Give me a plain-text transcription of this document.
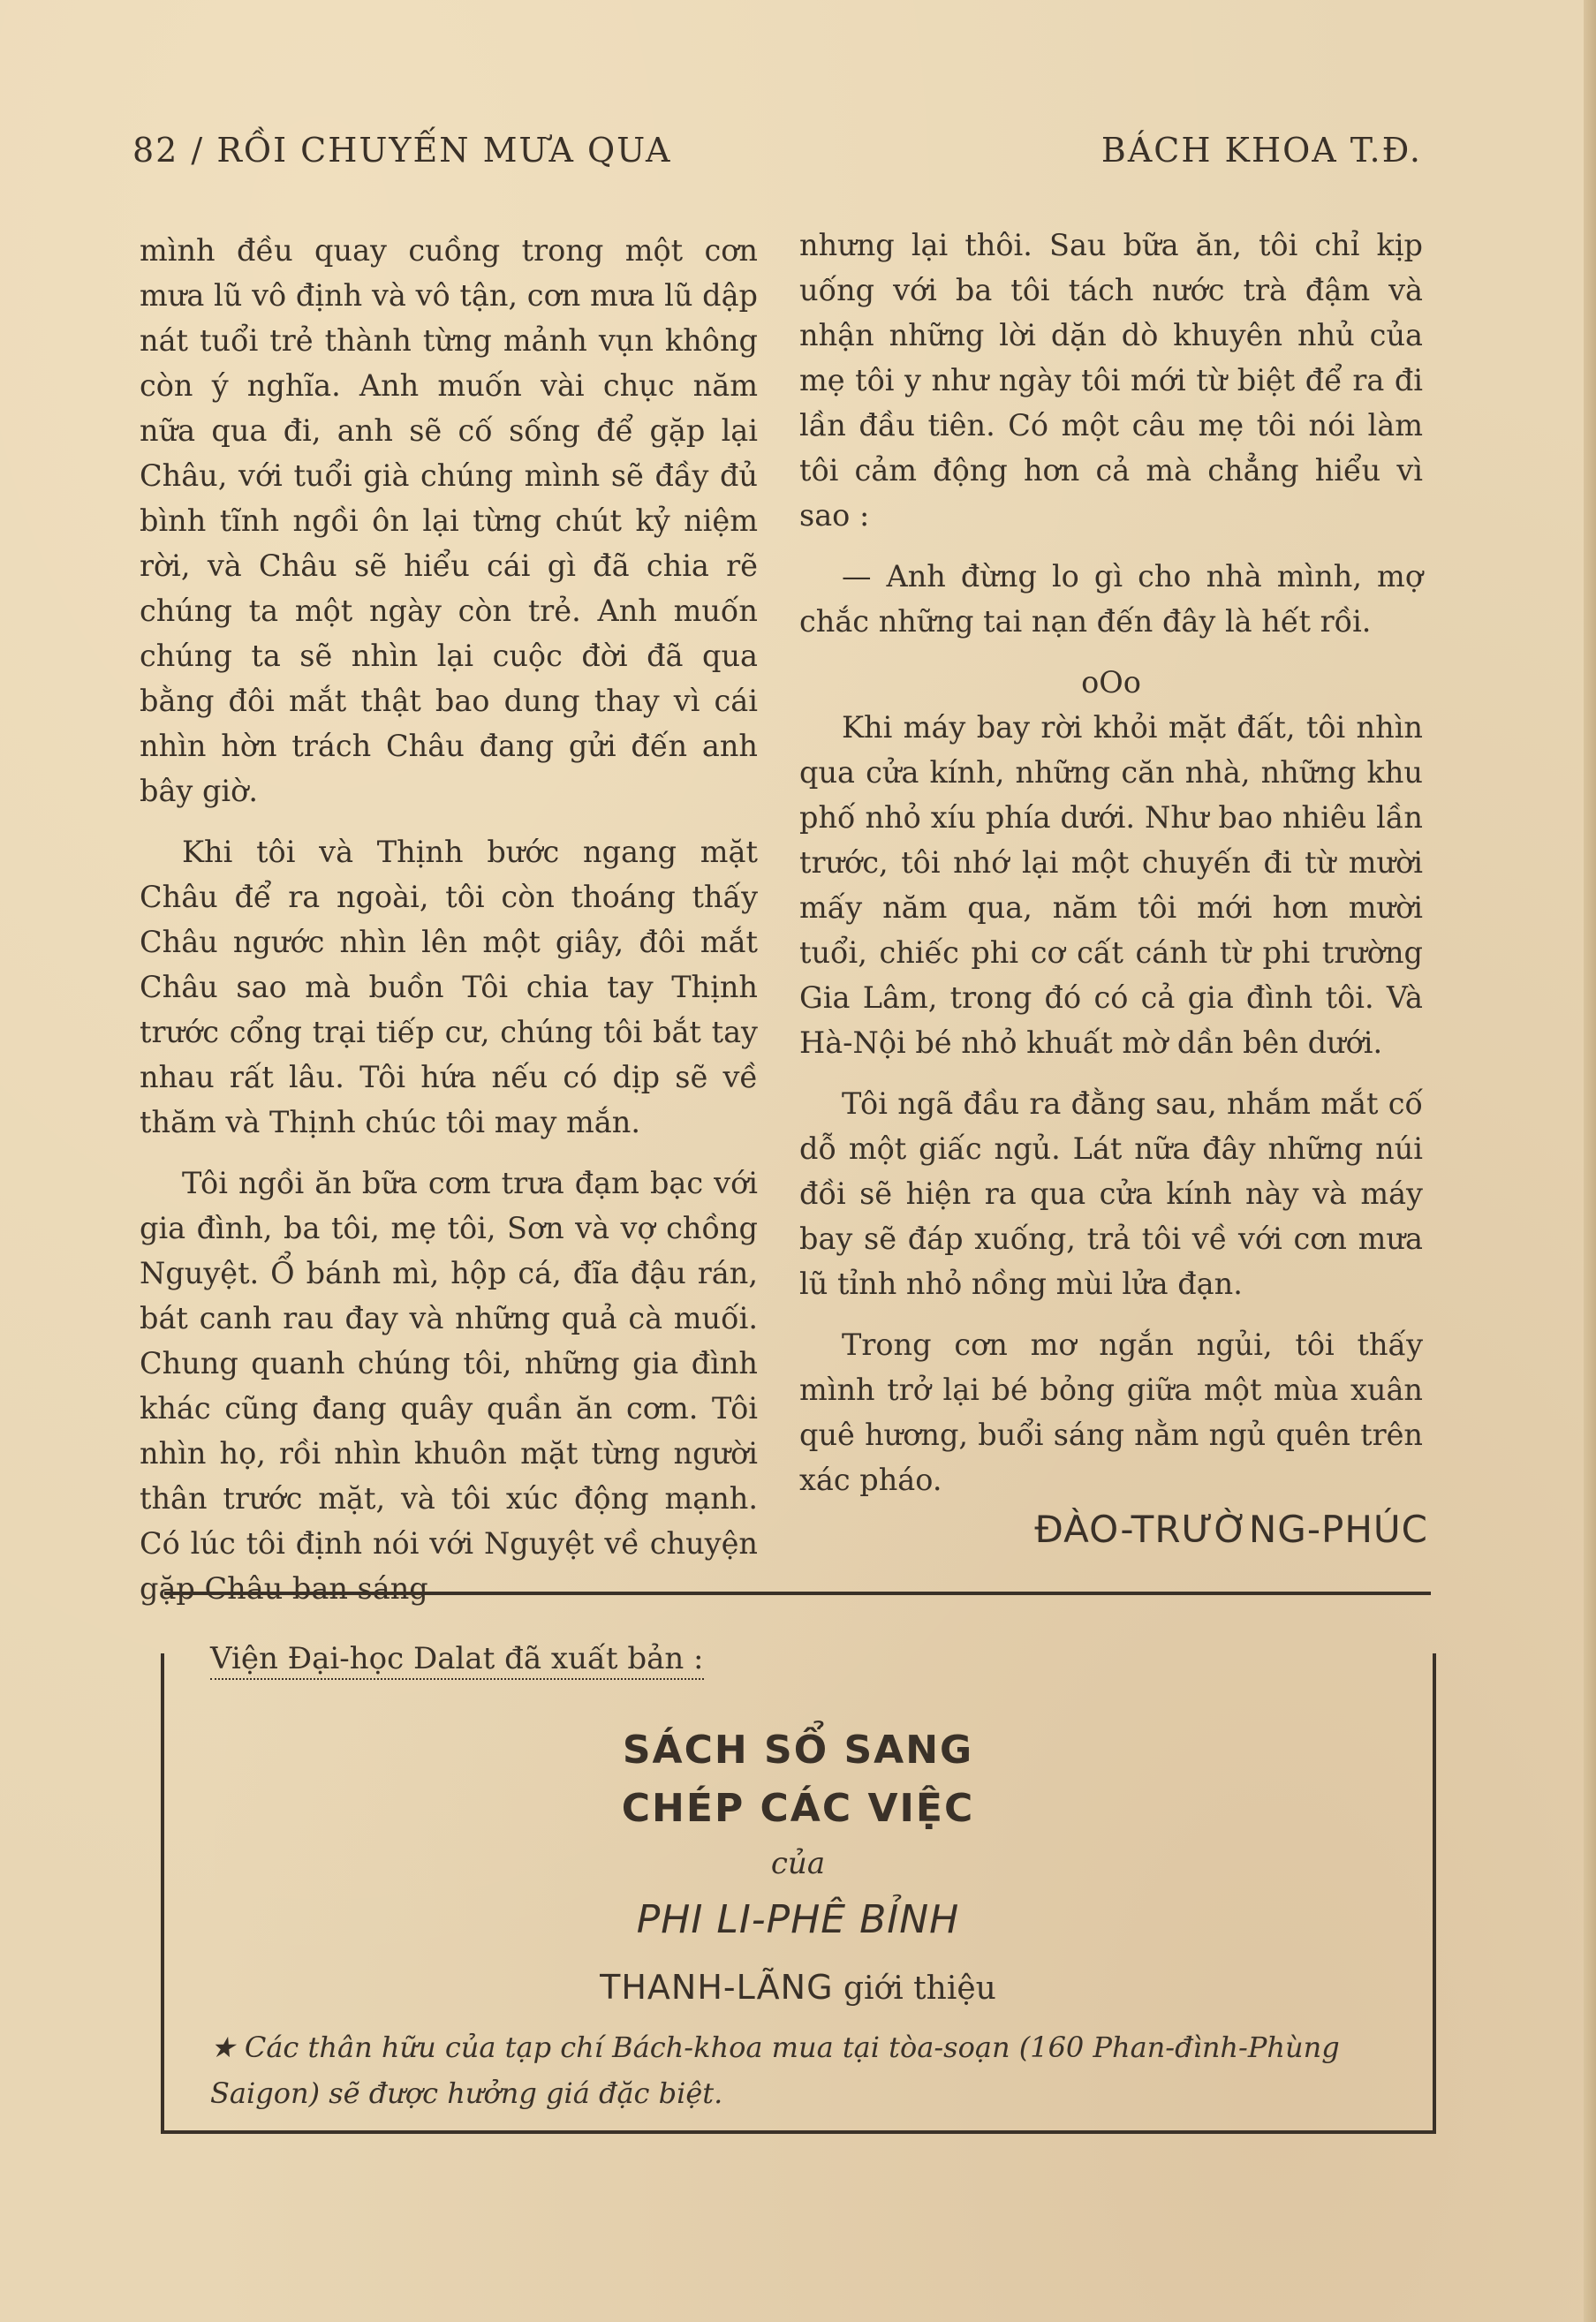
82 / RỒI CHUYẾN MƯA QUA	BÁCH KHOA T.Đ.

mình đều quay cuồng trong một cơn mưa lũ vô định và vô tận, cơn mưa lũ dập nát tuổi trẻ thành từng mảnh vụn không còn ý nghĩa. Anh muốn vài chục năm nữa qua đi, anh sẽ cố sống để gặp lại Châu, với tuổi già chúng mình sẽ đầy đủ bình tĩnh ngồi ôn lại từng chút kỷ niệm rời, và Châu sẽ hiểu cái gì đã chia rẽ chúng ta một ngày còn trẻ. Anh muốn chúng ta sẽ nhìn lại cuộc đời đã qua bằng đôi mắt thật bao dung thay vì cái nhìn hờn trách Châu đang gửi đến anh bây giờ.

Khi tôi và Thịnh bước ngang mặt Châu để ra ngoài, tôi còn thoáng thấy Châu ngước nhìn lên một giây, đôi mắt Châu sao mà buồn Tôi chia tay Thịnh trước cổng trại tiếp cư, chúng tôi bắt tay nhau rất lâu. Tôi hứa nếu có dịp sẽ về thăm và Thịnh chúc tôi may mắn.

Tôi ngồi ăn bữa cơm trưa đạm bạc với gia đình, ba tôi, mẹ tôi, Sơn và vợ chồng Nguyệt. Ổ bánh mì, hộp cá, đĩa đậu rán, bát canh rau đay và những quả cà muối. Chung quanh chúng tôi, những gia đình khác cũng đang quây quần ăn cơm. Tôi nhìn họ, rồi nhìn khuôn mặt từng người thân trước mặt, và tôi xúc động mạnh. Có lúc tôi định nói với Nguyệt về chuyện gặp Châu ban sáng

nhưng lại thôi. Sau bữa ăn, tôi chỉ kịp uống với ba tôi tách nước trà đậm và nhận những lời dặn dò khuyên nhủ của mẹ tôi y như ngày tôi mới từ biệt để ra đi lần đầu tiên. Có một câu mẹ tôi nói làm tôi cảm động hơn cả mà chẳng hiểu vì sao :

— Anh đừng lo gì cho nhà mình, mợ chắc những tai nạn đến đây là hết rồi.

oOo

Khi máy bay rời khỏi mặt đất, tôi nhìn qua cửa kính, những căn nhà, những khu phố nhỏ xíu phía dưới. Như bao nhiêu lần trước, tôi nhớ lại một chuyến đi từ mười mấy năm qua, năm tôi mới hơn mười tuổi, chiếc phi cơ cất cánh từ phi trường Gia Lâm, trong đó có cả gia đình tôi. Và Hà-Nội bé nhỏ khuất mờ dần bên dưới.

Tôi ngã đầu ra đằng sau, nhắm mắt cố dỗ một giấc ngủ. Lát nữa đây những núi đồi sẽ hiện ra qua cửa kính này và máy bay sẽ đáp xuống, trả tôi về với cơn mưa lũ tỉnh nhỏ nồng mùi lửa đạn.

Trong cơn mơ ngắn ngủi, tôi thấy mình trở lại bé bỏng giữa một mùa xuân quê hương, buổi sáng nằm ngủ quên trên xác pháo.

ĐÀO-TRƯỜNG-PHÚC
Viện Đại-học Dalat đã xuất bản :
SÁCH SỔ SANG
CHÉP CÁC VIỆC
của
PHI LI-PHÊ BỈNH
THANH-LÃNG giới thiệu
★ Các thân hữu của tạp chí Bách-khoa mua tại tòa-soạn (160 Phan-đình-Phùng Saigon) sẽ được hưởng giá đặc biệt.
